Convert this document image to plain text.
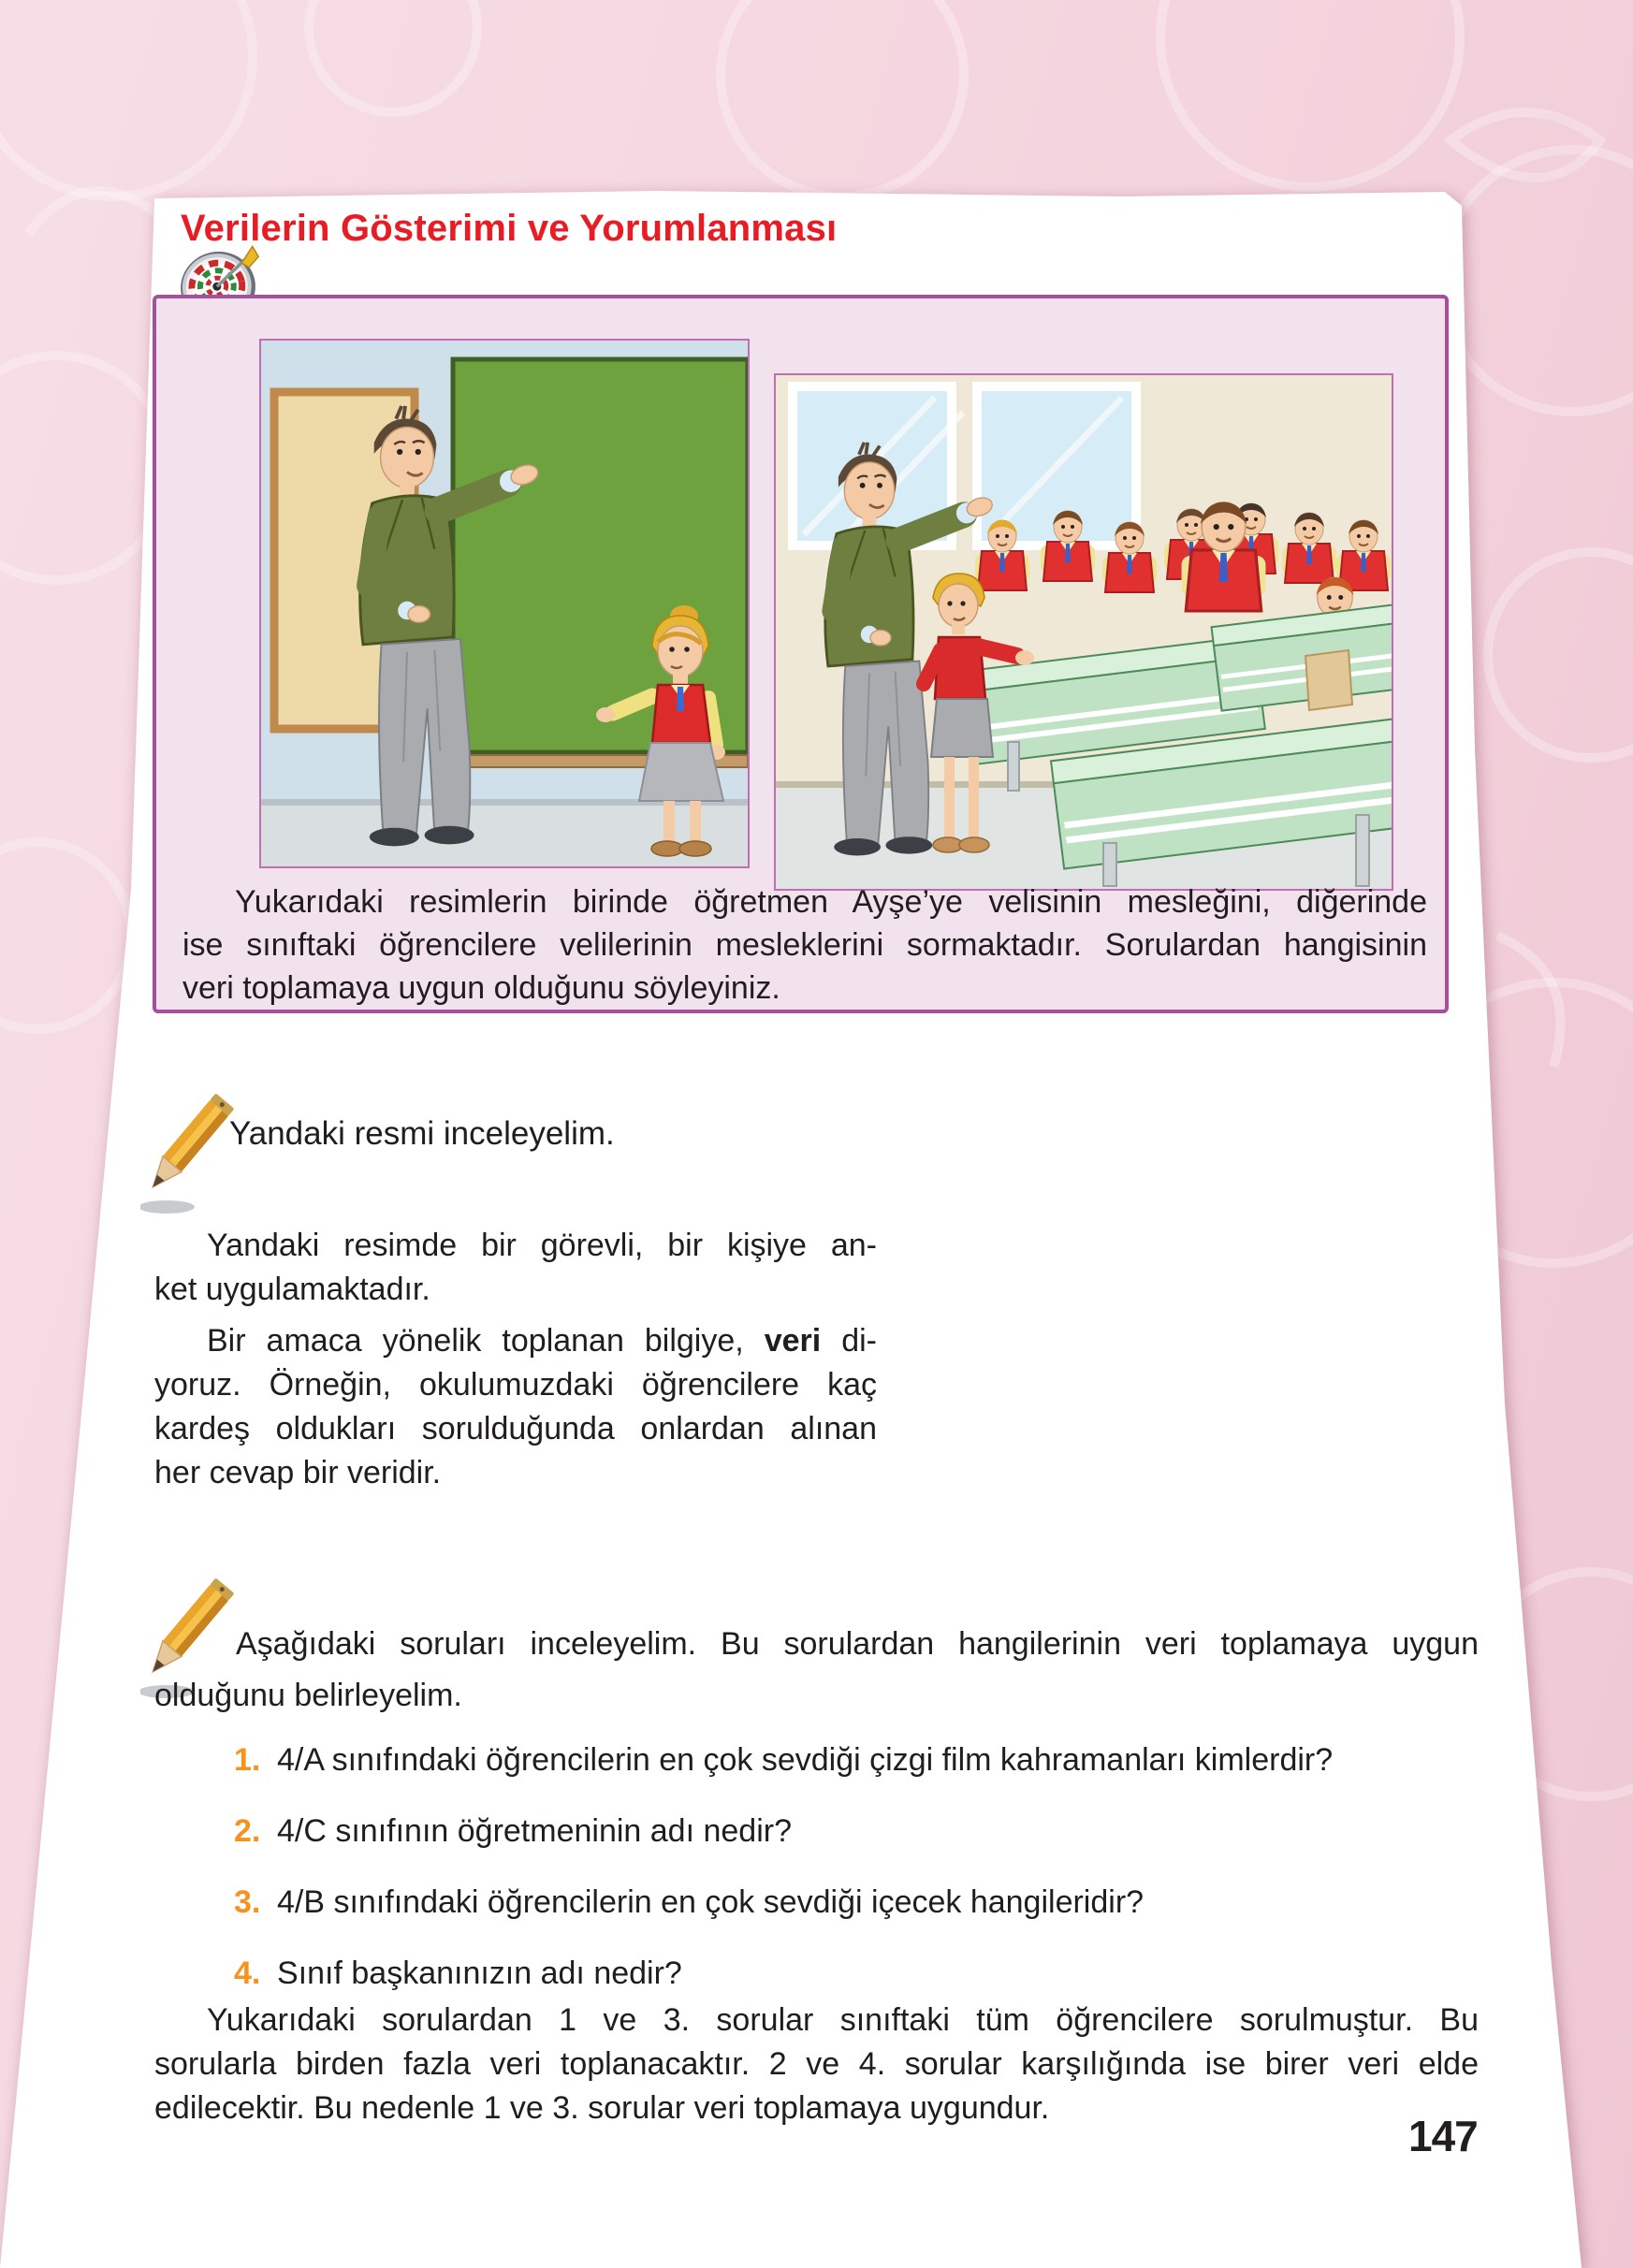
Verilerin Gösterimi ve Yorumlanması
Yukarıdaki resimlerin birinde öğretmen Ayşe’ye velisinin mesleğini, diğerinde
ise sınıftaki öğrencilere velilerinin mesleklerini sormaktadır. Sorulardan hangisinin
veri toplamaya uygun olduğunu söyleyiniz.
Yandaki resmi inceleyelim.
Yandaki resimde bir görevli, bir kişiye an-
ket uygulamaktadır.
Bir amaca yönelik toplanan bilgiye, veri di-
yoruz. Örneğin, okulumuzdaki öğrencilere kaç
kardeş oldukları sorulduğunda onlardan alınan
her cevap bir veridir.
Aşağıdaki soruları inceleyelim. Bu sorulardan hangilerinin veri toplamaya uygun
olduğunu belirleyelim.
1. 4/A sınıfındaki öğrencilerin en çok sevdiği çizgi film kahramanları kimlerdir?
2. 4/C sınıfının öğretmeninin adı nedir?
3. 4/B sınıfındaki öğrencilerin en çok sevdiği içecek hangileridir?
4. Sınıf başkanınızın adı nedir?
Yukarıdaki sorulardan 1 ve 3. sorular sınıftaki tüm öğrencilere sorulmuştur. Bu
sorularla birden fazla veri toplanacaktır. 2 ve 4. sorular karşılığında ise birer veri elde
edilecektir. Bu nedenle 1 ve 3. sorular veri toplamaya uygundur.
147
